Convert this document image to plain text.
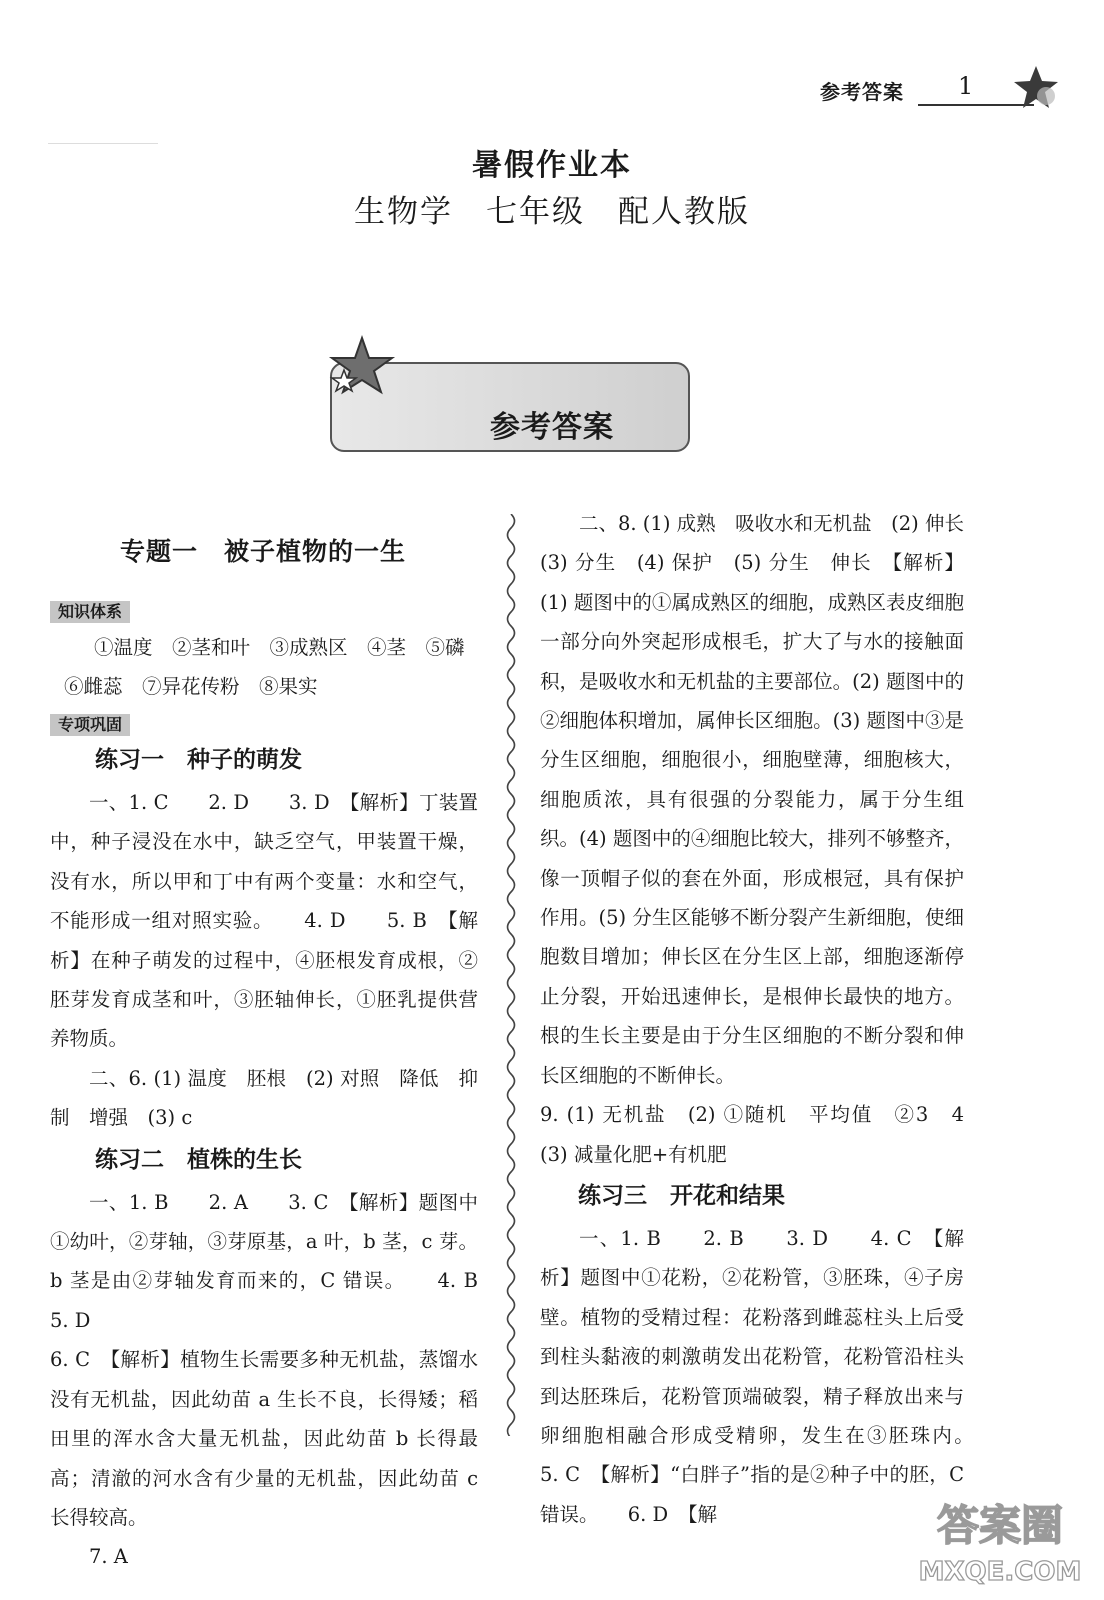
参考答案 1
暑假作业本
生物学　七年级　配人教版
参考答案
专题一　被子植物的一生
知识体系
①温度　②茎和叶　③成熟区　④茎　⑤磷
⑥雌蕊　⑦异花传粉　⑧果实
专项巩固
练习一　种子的萌发

一、1. C　　2. D　　3. D　【解析】丁装置中，种子浸没在水中，缺乏空气，甲装置干燥，没有水，所以甲和丁中有两个变量：水和空气，不能形成一组对照实验。　　4. D　　5. B　【解析】在种子萌发的过程中，④胚根发育成根，②胚芽发育成茎和叶，③胚轴伸长，①胚乳提供营养物质。

二、6. (1) 温度　胚根　(2) 对照　降低　抑制　增强　(3) c

练习二　植株的生长

一、1. B　　2. A　　3. C　【解析】题图中①幼叶，②芽轴，③芽原基，a 叶，b 茎，c 芽。b 茎是由②芽轴发育而来的，C 错误。　　4. B　　5. D

6. C　【解析】植物生长需要多种无机盐，蒸馏水没有无机盐，因此幼苗 a 生长不良，长得矮；稻田里的浑水含大量无机盐，因此幼苗 b 长得最高；清澈的河水含有少量的无机盐，因此幼苗 c 长得较高。

7. A

二、8. (1) 成熟　吸收水和无机盐　(2) 伸长　(3) 分生　(4) 保护　(5) 分生　伸长　【解析】(1) 题图中的①属成熟区的细胞，成熟区表皮细胞一部分向外突起形成根毛，扩大了与水的接触面积，是吸收水和无机盐的主要部位。(2) 题图中的②细胞体积增加，属伸长区细胞。(3) 题图中③是分生区细胞，细胞很小，细胞壁薄，细胞核大，细胞质浓，具有很强的分裂能力，属于分生组织。(4) 题图中的④细胞比较大，排列不够整齐，像一顶帽子似的套在外面，形成根冠，具有保护作用。(5) 分生区能够不断分裂产生新细胞，使细胞数目增加；伸长区在分生区上部，细胞逐渐停止分裂，开始迅速伸长，是根伸长最快的地方。根的生长主要是由于分生区细胞的不断分裂和伸长区细胞的不断伸长。

9. (1) 无机盐　(2) ①随机　平均值　②3　4　(3) 减量化肥+有机肥

练习三　开花和结果

一、1. B　　2. B　　3. D　　4. C　【解析】题图中①花粉，②花粉管，③胚珠，④子房壁。植物的受精过程：花粉落到雌蕊柱头上后受到柱头黏液的刺激萌发出花粉管，花粉管沿柱头到达胚珠后，花粉管顶端破裂，精子释放出来与卵细胞相融合形成受精卵，发生在③胚珠内。　　5. C　【解析】“白胖子”指的是②种子中的胚，C 错误。　　6. D　【解	答案圈
MXQE.COM
